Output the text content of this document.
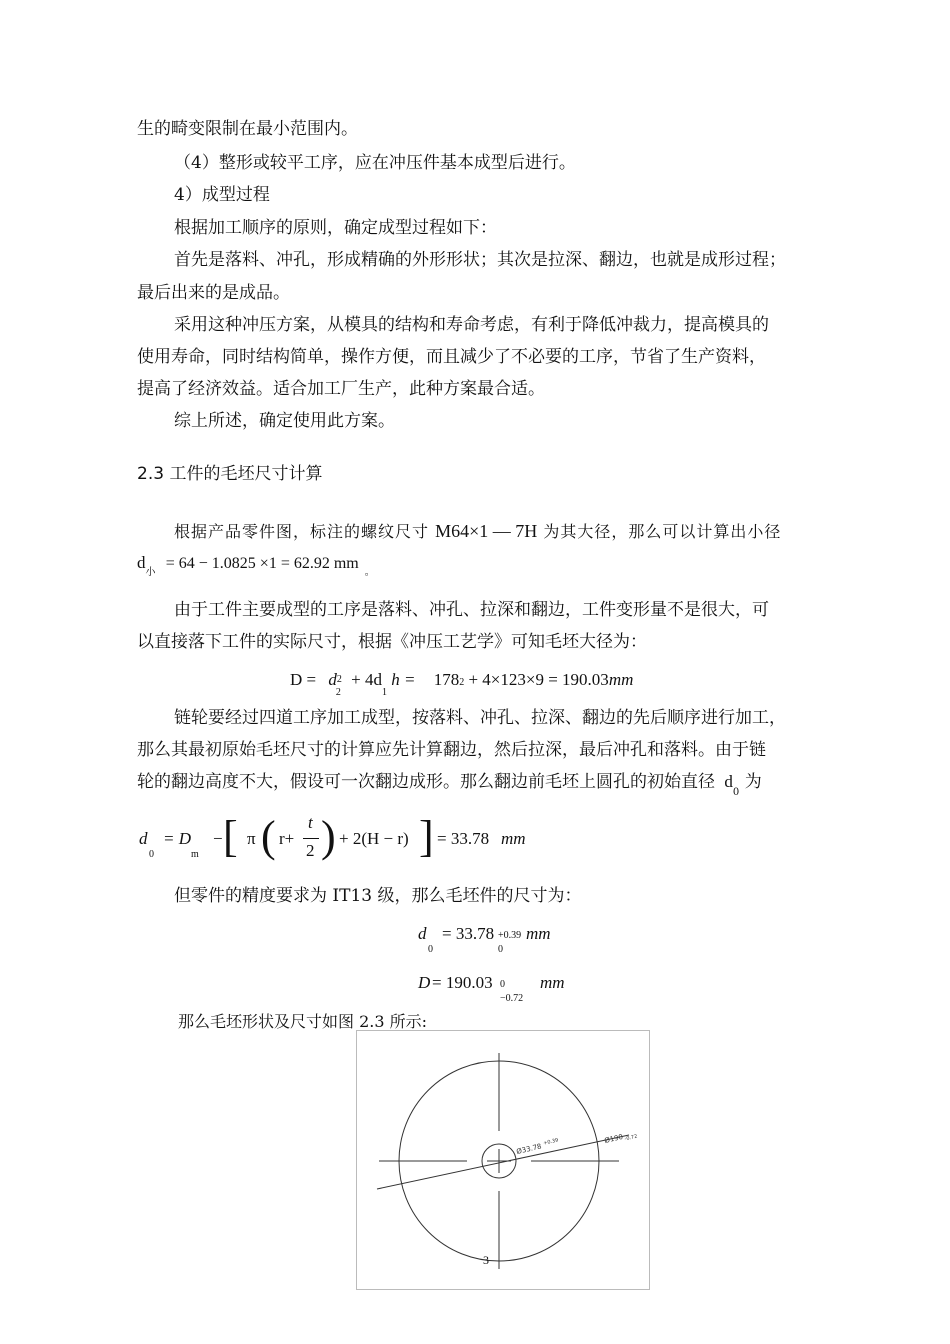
生的畸变限制在最小范围内。
（4）整形或较平工序，应在冲压件基本成型后进行。
4）成型过程
根据加工顺序的原则，确定成型过程如下：
首先是落料、冲孔，形成精确的外形形状；其次是拉深、翻边，也就是成形过程；
最后出来的是成品。
采用这种冲压方案，从模具的结构和寿命考虑，有利于降低冲裁力，提高模具的
使用寿命，同时结构简单，操作方便，而且减少了不必要的工序，节省了生产资料，
提高了经济效益。适合加工厂生产，此种方案最合适。
综上所述，确定使用此方案。
2.3 工件的毛坯尺寸计算
根据产品零件图，标注的螺纹尺寸 M64×1 — 7H 为其大径，那么可以计算出小径
$d_小 = 64 - 1.0825 \times 1 = 62.92$ $mm_。$
由于工件主要成型的工序是落料、冲孔、拉深和翻边，工件变形量不是很大，可
以直接落下工件的实际尺寸，根据《冲压工艺学》可知毛坯大径为：
$D = d2_2 + 4d_1$ h = 1782 + 4×123×9 = 190.03mm
链轮要经过四道工序加工成型，按落料、冲孔、拉深、翻边的先后顺序进行加工，
那么其最初原始毛坯尺寸的计算应先计算翻边，然后拉深，最后冲孔和落料。由于链
轮的翻边高度不大，假设可一次翻边成形。那么翻边前毛坯上圆孔的初始直径 $d_0$ 为
d
0
= D
m
− [ π ( r+
t
2 ) + 2(H − r) ] = 33.78 mm
但零件的精度要求为 IT13 级，那么毛坯件的尺寸为：
d
0
= 33.78 +0.39
0
mm
D = 190.03 0
−0.72
mm
那么毛坯形状及尺寸如图 2.3 所示:
Ø33.78
+0.39	Ø190 -0.72
3
